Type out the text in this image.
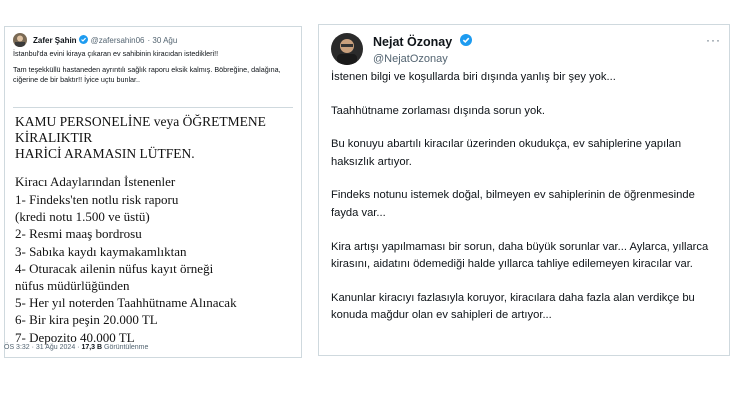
Zafer Şahin @zafersahin06 · 30 Ağu

İstanbul'da evini kiraya çıkaran ev sahibinin kiracıdan istedikleri!!

Tam teşekküllü hastaneden ayrıntılı sağlık raporu eksik kalmış. Böbreğine, dalağına, ciğerine de bir baktır!! İyice uçtu bunlar..

KAMU PERSONELİNE veya ÖĞRETMENE
KİRALIKTIR
HARİCİ ARAMASIN LÜTFEN.
Kiracı Adaylarından İstenenler
1- Findeks'ten notlu risk raporu
(kredi notu 1.500 ve üstü)
2- Resmi maaş bordrosu
3- Sabıka kaydı kaymakamlıktan
4- Oturacak ailenin nüfus kayıt örneği
nüfus müdürlüğünden
5- Her yıl noterden Taahhütname Alınacak
6- Bir kira peşin 20.000 TL
7- Depozito 40.000 TL
ÖS 3:32 · 31 Ağu 2024 · 17,3 B Görüntülenme
Nejat Özonay
@NejatOzonay
···

İstenen bilgi ve koşullarda biri dışında yanlış bir şey yok...

Taahhütname zorlaması dışında sorun yok.

Bu konuyu abartılı kiracılar üzerinden okudukça, ev sahiplerine yapılan haksızlık artıyor.

Findeks notunu istemek doğal, bilmeyen ev sahiplerinin de öğrenmesinde fayda var...

Kira artışı yapılmaması bir sorun, daha büyük sorunlar var... Aylarca, yıllarca kirasını, aidatını ödemediği halde yıllarca tahliye edilemeyen kiracılar var.

Kanunlar kiracıyı fazlasıyla koruyor, kiracılara daha fazla alan verdikçe bu konuda mağdur olan ev sahipleri de artıyor...
